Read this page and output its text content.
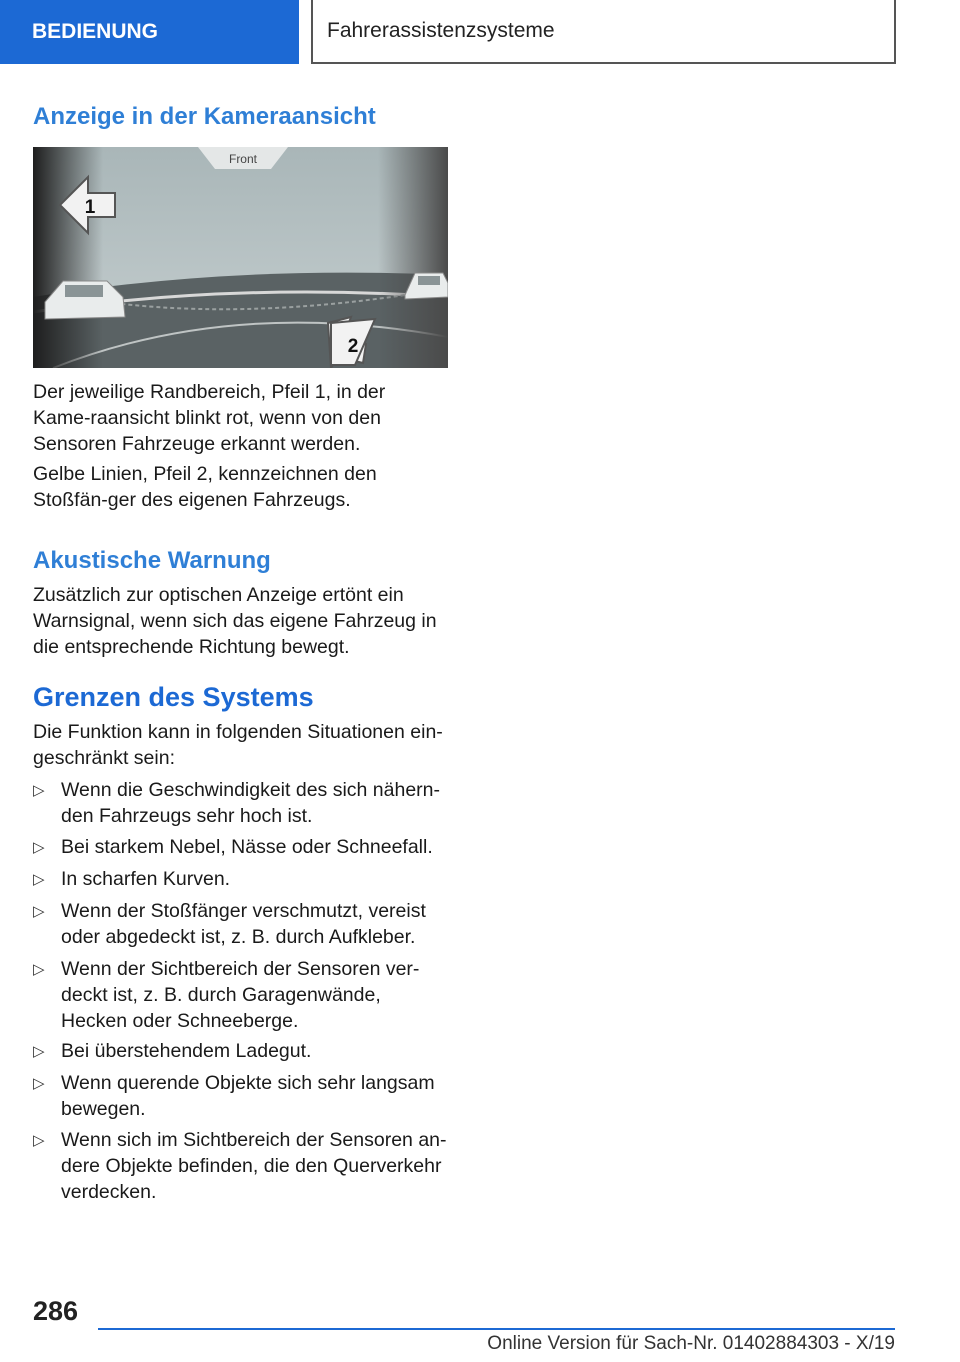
BEDIENUNG	Fahrerassistenzsysteme
Anzeige in der Kameraansicht
Front
1
2

Der jeweilige Randbereich, Pfeil 1, in der Kame-raansicht blinkt rot, wenn von den Sensoren Fahrzeuge erkannt werden.

Gelbe Linien, Pfeil 2, kennzeichnen den Stoßfän-ger des eigenen Fahrzeugs.

Akustische Warnung

Zusätzlich zur optischen Anzeige ertönt ein Warnsignal, wenn sich das eigene Fahrzeug in die entsprechende Richtung bewegt.

Grenzen des Systems

Die Funktion kann in folgenden Situationen ein-geschränkt sein:

▷ Wenn die Geschwindigkeit des sich nähern-den Fahrzeugs sehr hoch ist.
▷ Bei starkem Nebel, Nässe oder Schneefall.
▷ In scharfen Kurven.
▷ Wenn der Stoßfänger verschmutzt, vereist oder abgedeckt ist, z. B. durch Aufkleber.
▷ Wenn der Sichtbereich der Sensoren ver-deckt ist, z. B. durch Garagenwände, Hecken oder Schneeberge.
▷ Bei überstehendem Ladegut.
▷ Wenn querende Objekte sich sehr langsam bewegen.
▷ Wenn sich im Sichtbereich der Sensoren an-dere Objekte befinden, die den Querverkehr verdecken.
286
Online Version für Sach-Nr. 01402884303 - X/19
